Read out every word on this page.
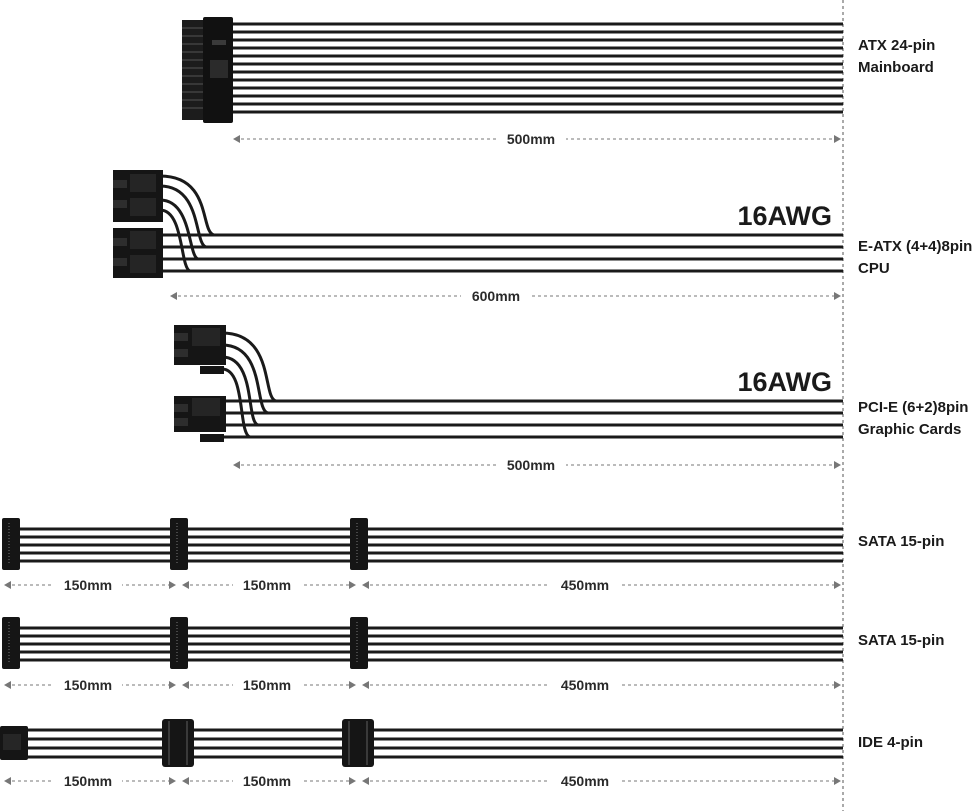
500mm
16AWG
600mm
16AWG
500mm
150mm	150mm	450mm
150mm	150mm	450mm
150mm	150mm	450mm
ATX 24-pin
Mainboard
E-ATX (4+4)8pin
CPU
PCI-E (6+2)8pin
Graphic Cards
SATA 15-pin
SATA 15-pin
IDE 4-pin
